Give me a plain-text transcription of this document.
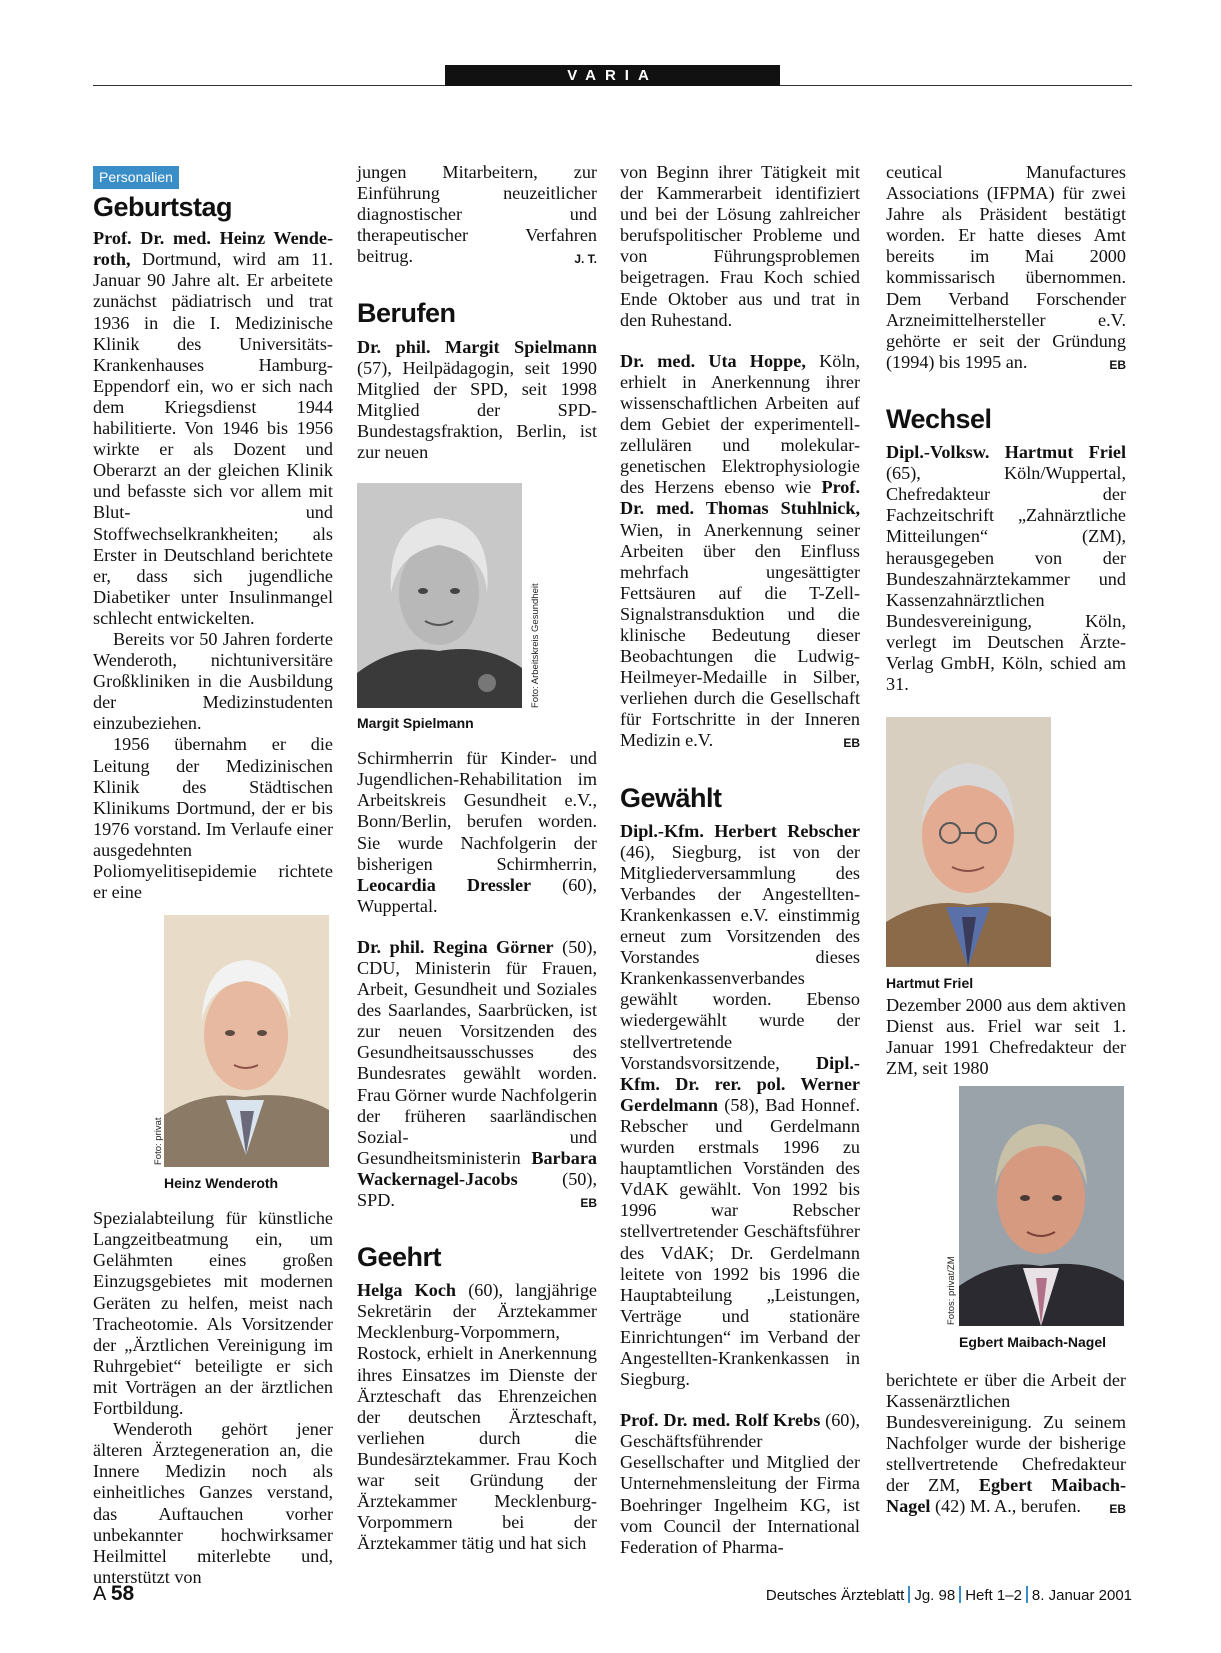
VARIA
Personalien
Geburtstag

Prof. Dr. med. Heinz Wende-roth, Dortmund, wird am 11. Januar 90 Jahre alt. Er arbeitete zunächst pädiatrisch und trat 1936 in die I. Medizinische Klinik des Universitäts-Krankenhauses Hamburg-Eppendorf ein, wo er sich nach dem Kriegsdienst 1944 habilitierte. Von 1946 bis 1956 wirkte er als Dozent und Oberarzt an der gleichen Klinik und befasste sich vor allem mit Blut- und Stoffwechselkrankheiten; als Erster in Deutschland berichtete er, dass sich jugendliche Diabetiker unter Insulinmangel schlecht entwickelten.

Bereits vor 50 Jahren forderte Wenderoth, nichtuniversitäre Großkliniken in die Ausbildung der Medizinstudenten einzubeziehen.

1956 übernahm er die Leitung der Medizinischen Klinik des Städtischen Klinikums Dortmund, der er bis 1976 vorstand. Im Verlaufe einer ausgedehnten Poliomyelitisepidemie richtete er eine

Foto: privat
Heinz Wenderoth

Spezialabteilung für künstliche Langzeitbeatmung ein, um Gelähmten eines großen Einzugsgebietes mit modernen Geräten zu helfen, meist nach Tracheotomie. Als Vorsitzender der „Ärztlichen Vereinigung im Ruhrgebiet“ beteiligte er sich mit Vorträgen an der ärztlichen Fortbildung.

Wenderoth gehört jener älteren Ärztegeneration an, die Innere Medizin noch als einheitliches Ganzes verstand, das Auftauchen vorher unbekannter hochwirksamer Heilmittel miterlebte und, unterstützt von

jungen Mitarbeitern, zur Einführung neuzeitlicher diagnostischer und therapeutischer Verfahren beitrug.	J. T.

Berufen

Dr. phil. Margit Spielmann (57), Heilpädagogin, seit 1990 Mitglied der SPD, seit 1998 Mitglied der SPD-Bundestagsfraktion, Berlin, ist zur neuen

Foto: Arbeitskreis Gesundheit
Margit Spielmann

Schirmherrin für Kinder- und Jugendlichen-Rehabilitation im Arbeitskreis Gesundheit e.V., Bonn/Berlin, berufen worden. Sie wurde Nachfolgerin der bisherigen Schirmherrin, Leocardia Dressler (60), Wuppertal.

Dr. phil. Regina Görner (50), CDU, Ministerin für Frauen, Arbeit, Gesundheit und Soziales des Saarlandes, Saarbrücken, ist zur neuen Vorsitzenden des Gesundheitsausschusses des Bundesrates gewählt worden. Frau Görner wurde Nachfolgerin der früheren saarländischen Sozial- und Gesundheitsministerin Barbara Wackernagel-Jacobs (50), SPD.	EB

Geehrt

Helga Koch (60), langjährige Sekretärin der Ärztekammer Mecklenburg-Vorpommern, Rostock, erhielt in Anerkennung ihres Einsatzes im Dienste der Ärzteschaft das Ehrenzeichen der deutschen Ärzteschaft, verliehen durch die Bundesärztekammer. Frau Koch war seit Gründung der Ärztekammer Mecklenburg-Vorpommern bei der Ärztekammer tätig und hat sich

von Beginn ihrer Tätigkeit mit der Kammerarbeit identifiziert und bei der Lösung zahlreicher berufspolitischer Probleme und von Führungsproblemen beigetragen. Frau Koch schied Ende Oktober aus und trat in den Ruhestand.

Dr. med. Uta Hoppe, Köln, erhielt in Anerkennung ihrer wissenschaftlichen Arbeiten auf dem Gebiet der experimentell-zellulären und molekular-genetischen Elektrophysiologie des Herzens ebenso wie Prof. Dr. med. Thomas Stuhlnick, Wien, in Anerkennung seiner Arbeiten über den Einfluss mehrfach ungesättigter Fettsäuren auf die T-Zell-Signalstransduktion und die klinische Bedeutung dieser Beobachtungen die Ludwig-Heilmeyer-Medaille in Silber, verliehen durch die Gesellschaft für Fortschritte in der Inneren Medizin e.V.	EB

Gewählt

Dipl.-Kfm. Herbert Rebscher (46), Siegburg, ist von der Mitgliederversammlung des Verbandes der Angestellten-Krankenkassen e.V. einstimmig erneut zum Vorsitzenden des Vorstandes dieses Krankenkassenverbandes gewählt worden. Ebenso wiedergewählt wurde der stellvertretende Vorstandsvorsitzende, Dipl.-Kfm. Dr. rer. pol. Werner Gerdelmann (58), Bad Honnef. Rebscher und Gerdelmann wurden erstmals 1996 zu hauptamtlichen Vorständen des VdAK gewählt. Von 1992 bis 1996 war Rebscher stellvertretender Geschäftsführer des VdAK; Dr. Gerdelmann leitete von 1992 bis 1996 die Hauptabteilung „Leistungen, Verträge und stationäre Einrichtungen“ im Verband der Angestellten-Krankenkassen in Siegburg.

Prof. Dr. med. Rolf Krebs (60), Geschäftsführender Gesellschafter und Mitglied der Unternehmensleitung der Firma Boehringer Ingelheim KG, ist vom Council der International Federation of Pharma-

ceutical Manufactures Associations (IFPMA) für zwei Jahre als Präsident bestätigt worden. Er hatte dieses Amt bereits im Mai 2000 kommissarisch übernommen. Dem Verband Forschender Arzneimittelhersteller e.V. gehörte er seit der Gründung (1994) bis 1995 an.	EB

Wechsel

Dipl.-Volksw. Hartmut Friel (65), Köln/Wuppertal, Chefredakteur der Fachzeitschrift „Zahnärztliche Mitteilungen“ (ZM), herausgegeben von der Bundeszahnärztekammer und Kassenzahnärztlichen Bundesvereinigung, Köln, verlegt im Deutschen Ärzte-Verlag GmbH, Köln, schied am 31.

Hartmut Friel

Dezember 2000 aus dem aktiven Dienst aus. Friel war seit 1. Januar 1991 Chefredakteur der ZM, seit 1980

Fotos: privat/ZM
Egbert Maibach-Nagel

berichtete er über die Arbeit der Kassenärztlichen Bundesvereinigung. Zu seinem Nachfolger wurde der bisherige stellvertretende Chefredakteur der ZM, Egbert Maibach-Nagel (42) M. A., berufen. EB

A 58	Deutsches Ärzteblatt Jg. 98 Heft 1–2 8. Januar 2001
